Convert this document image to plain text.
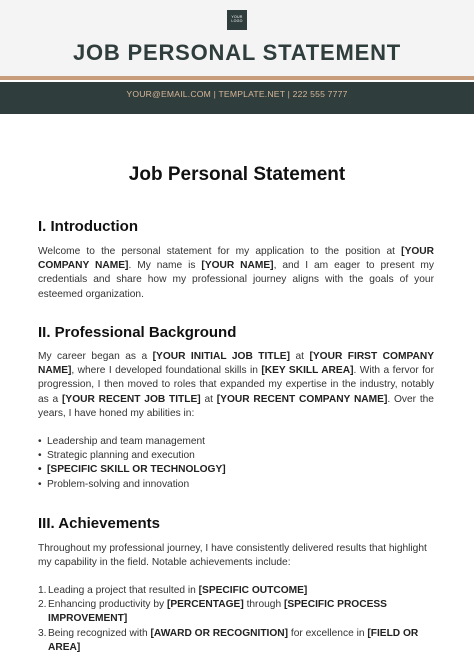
YOUR
LOGO
JOB PERSONAL STATEMENT
YOUR@EMAIL.COM | TEMPLATE.NET | 222 555 7777
Job Personal Statement
I. Introduction
Welcome to the personal statement for my application to the position at [YOUR COMPANY NAME]. My name is [YOUR NAME], and I am eager to present my credentials and share how my professional journey aligns with the goals of your esteemed organization.
II. Professional Background
My career began as a [YOUR INITIAL JOB TITLE] at [YOUR FIRST COMPANY NAME], where I developed foundational skills in [KEY SKILL AREA]. With a fervor for progression, I then moved to roles that expanded my expertise in the industry, notably as a [YOUR RECENT JOB TITLE] at [YOUR RECENT COMPANY NAME]. Over the years, I have honed my abilities in:
• Leadership and team management
• Strategic planning and execution
• [SPECIFIC SKILL OR TECHNOLOGY]
• Problem-solving and innovation
III. Achievements
Throughout my professional journey, I have consistently delivered results that highlight my capability in the field. Notable achievements include:
1. Leading a project that resulted in [SPECIFIC OUTCOME]
2. Enhancing productivity by [PERCENTAGE] through [SPECIFIC PROCESS IMPROVEMENT]
3. Being recognized with [AWARD OR RECOGNITION] for excellence in [FIELD OR AREA]
